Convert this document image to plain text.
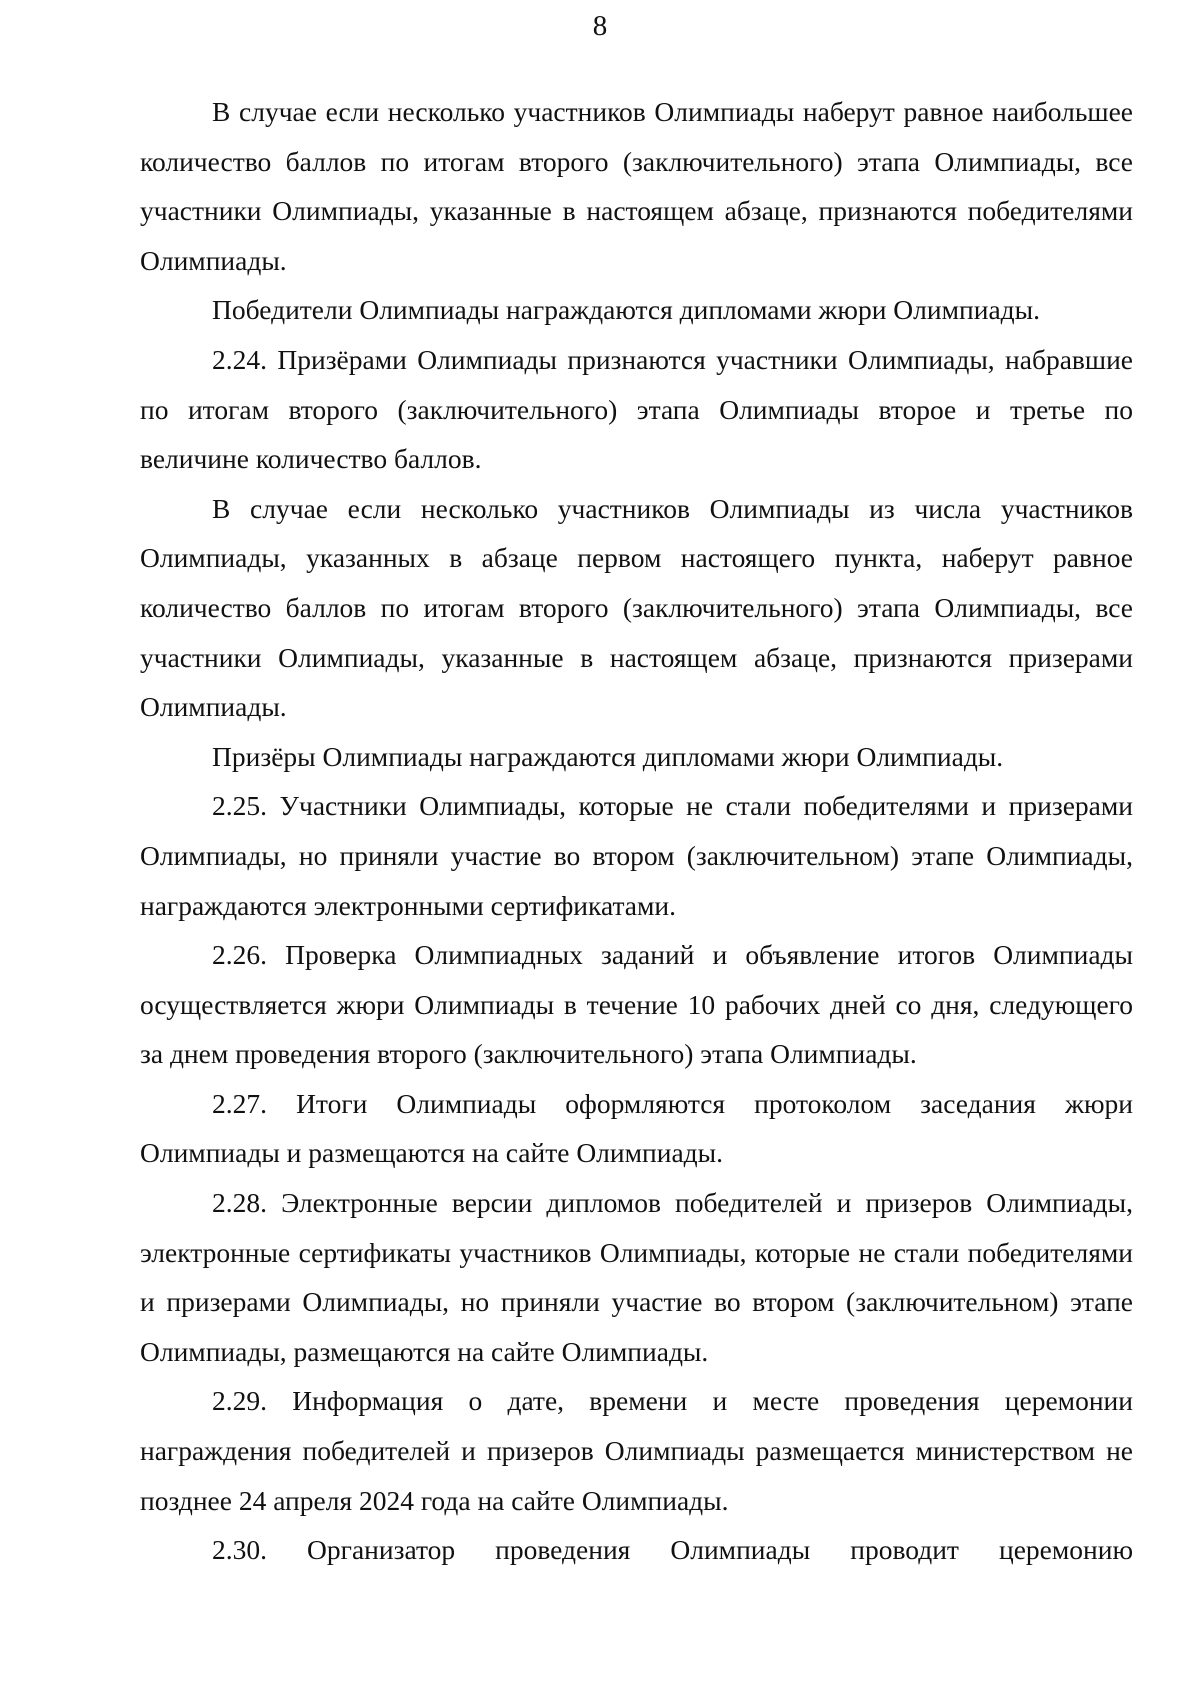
8

В случае если несколько участников Олимпиады наберут равное наибольшее количество баллов по итогам второго (заключительного) этапа Олимпиады, все участники Олимпиады, указанные в настоящем абзаце, признаются победителями Олимпиады.

Победители Олимпиады награждаются дипломами жюри Олимпиады.

2.24. Призёрами Олимпиады признаются участники Олимпиады, набравшие по итогам второго (заключительного) этапа Олимпиады второе и третье по величине количество баллов.

В случае если несколько участников Олимпиады из числа участников Олимпиады, указанных в абзаце первом настоящего пункта, наберут равное количество баллов по итогам второго (заключительного) этапа Олимпиады, все участники Олимпиады, указанные в настоящем абзаце, признаются призерами Олимпиады.

Призёры Олимпиады награждаются дипломами жюри Олимпиады.

2.25. Участники Олимпиады, которые не стали победителями и призерами Олимпиады, но приняли участие во втором (заключительном) этапе Олимпиады, награждаются электронными сертификатами.

2.26. Проверка Олимпиадных заданий и объявление итогов Олимпиады осуществляется жюри Олимпиады в течение 10 рабочих дней со дня, следующего за днем проведения второго (заключительного) этапа Олимпиады.

2.27. Итоги Олимпиады оформляются протоколом заседания жюри Олимпиады и размещаются на сайте Олимпиады.

2.28. Электронные версии дипломов победителей и призеров Олимпиады, электронные сертификаты участников Олимпиады, которые не стали победителями и призерами Олимпиады, но приняли участие во втором (заключительном) этапе Олимпиады, размещаются на сайте Олимпиады.

2.29. Информация о дате, времени и месте проведения церемонии награждения победителей и призеров Олимпиады размещается министерством не позднее 24 апреля 2024 года на сайте Олимпиады.

2.30. Организатор проведения Олимпиады проводит церемонию
